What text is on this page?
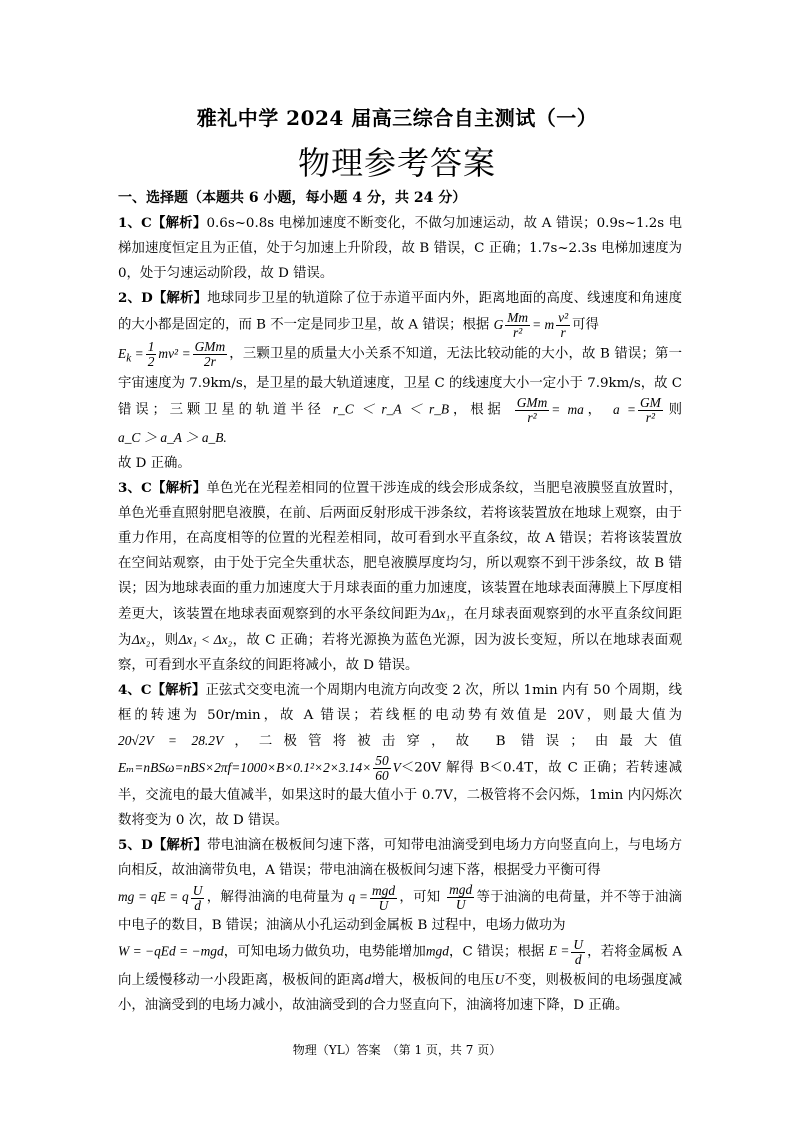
雅礼中学 2024 届高三综合自主测试（一）
物理参考答案

一、选择题（本题共 6 小题，每小题 4 分，共 24 分）

1、C【解析】0.6s~0.8s 电梯加速度不断变化，不做匀加速运动，故 A 错误；0.9s~1.2s 电梯加速度恒定且为正值，处于匀加速上升阶段，故 B 错误，C 正确；1.7s~2.3s 电梯加速度为 0，处于匀速运动阶段，故 D 错误。

2、D【解析】地球同步卫星的轨道除了位于赤道平面内外，距离地面的高度、线速度和角速度的大小都是固定的，而 B 不一定是同步卫星，故 A 错误；根据 G $\frac{Mm}{\text{r²}} = m \frac{\text{v²}}{r}$ 可得
$E_k = \frac{1}{2} mv^2 = \frac{\text{GMm}}{2r}$ ，三颗卫星的质量大小关系不知道，无法比较动能的大小，故 B 错误；第一宇宙速度为 7.9km/s，是卫星的最大轨道速度，卫星 C 的线速度大小一定小于 7.9km/s，故 C 错误；三颗卫星的轨道半径 r_C ＜ r_A ＜ r_B，根据 $\frac{\text{GMm}}{\text{r²}}$ = ma， $a = \frac{GM}{\text{r²}}$ 则 a_C ＞ a_A ＞ a_B.
故 D 正确。

3、C【解析】单色光在光程差相同的位置干涉连成的线会形成条纹，当肥皂液膜竖直放置时，单色光垂直照射肥皂液膜，在前、后两面反射形成干涉条纹，若将该装置放在地球上观察，由于重力作用，在高度相等的位置的光程差相同，故可看到水平直条纹，故 A 错误；若将该装置放在空间站观察，由于处于完全失重状态，肥皂液膜厚度均匀，所以观察不到干涉条纹，故 B 错误；因为地球表面的重力加速度大于月球表面的重力加速度，该装置在地球表面薄膜上下厚度相差更大，该装置在地球表面观察到的水平条纹间距为Δx₁，在月球表面观察到的水平直条纹间距为Δx₂，则Δx₁ < Δx₂，故 C 正确；若将光源换为蓝色光源，因为波长变短，所以在地球表面观察，可看到水平直条纹的间距将减小，故 D 错误。

4、C【解析】正弦式交变电流一个周期内电流方向改变 2 次，所以 1min 内有 50 个周期，线框的转速为 50r/min，故 A 错误；若线框的电动势有效值是 20V，则最大值为20√2V = 28.2V，二极管将被击穿，故 B 错误；由最大值 $E_m=nBS\omega=nBS\times 2\pi f=1000\times B\times 0.1^2\times 2\times 3.14\times \frac{50}{60} V<20V$ 解得 B＜0.4T，故 C 正确；若转速减半，交流电的最大值减半，如果这时的最大值小于 0.7V，二极管将不会闪烁，1min 内闪烁次数将变为 0 次，故 D 错误。

5、D【解析】带电油滴在极板间匀速下落，可知带电油滴受到电场力方向竖直向上，与电场方向相反，故油滴带负电，A 错误；带电油滴在极板间匀速下落，根据受力平衡可得
mg = qE = q $\frac{U}{d}$ ，解得油滴的电荷量为 $q = \frac{\text{mgd}}{U}$ ，可知 $\frac{\text{mgd}}{U}$ 等于油滴的电荷量，并不等于油滴中电子的数目，B 错误；油滴从小孔运动到金属板 B 过程中，电场力做功为
W = −qEd = −mgd，可知电场力做负功，电势能增加mgd，C 错误；根据 $E = \frac{U}{d}$ ，若将金属板 A 向上缓慢移动一小段距离，极板间的距离d增大，极板间的电压U不变，则极板间的电场强度减小，油滴受到的电场力减小，故油滴受到的合力竖直向下，油滴将加速下降，D 正确。

物理（YL）答案　（第 1 页，共 7 页）
